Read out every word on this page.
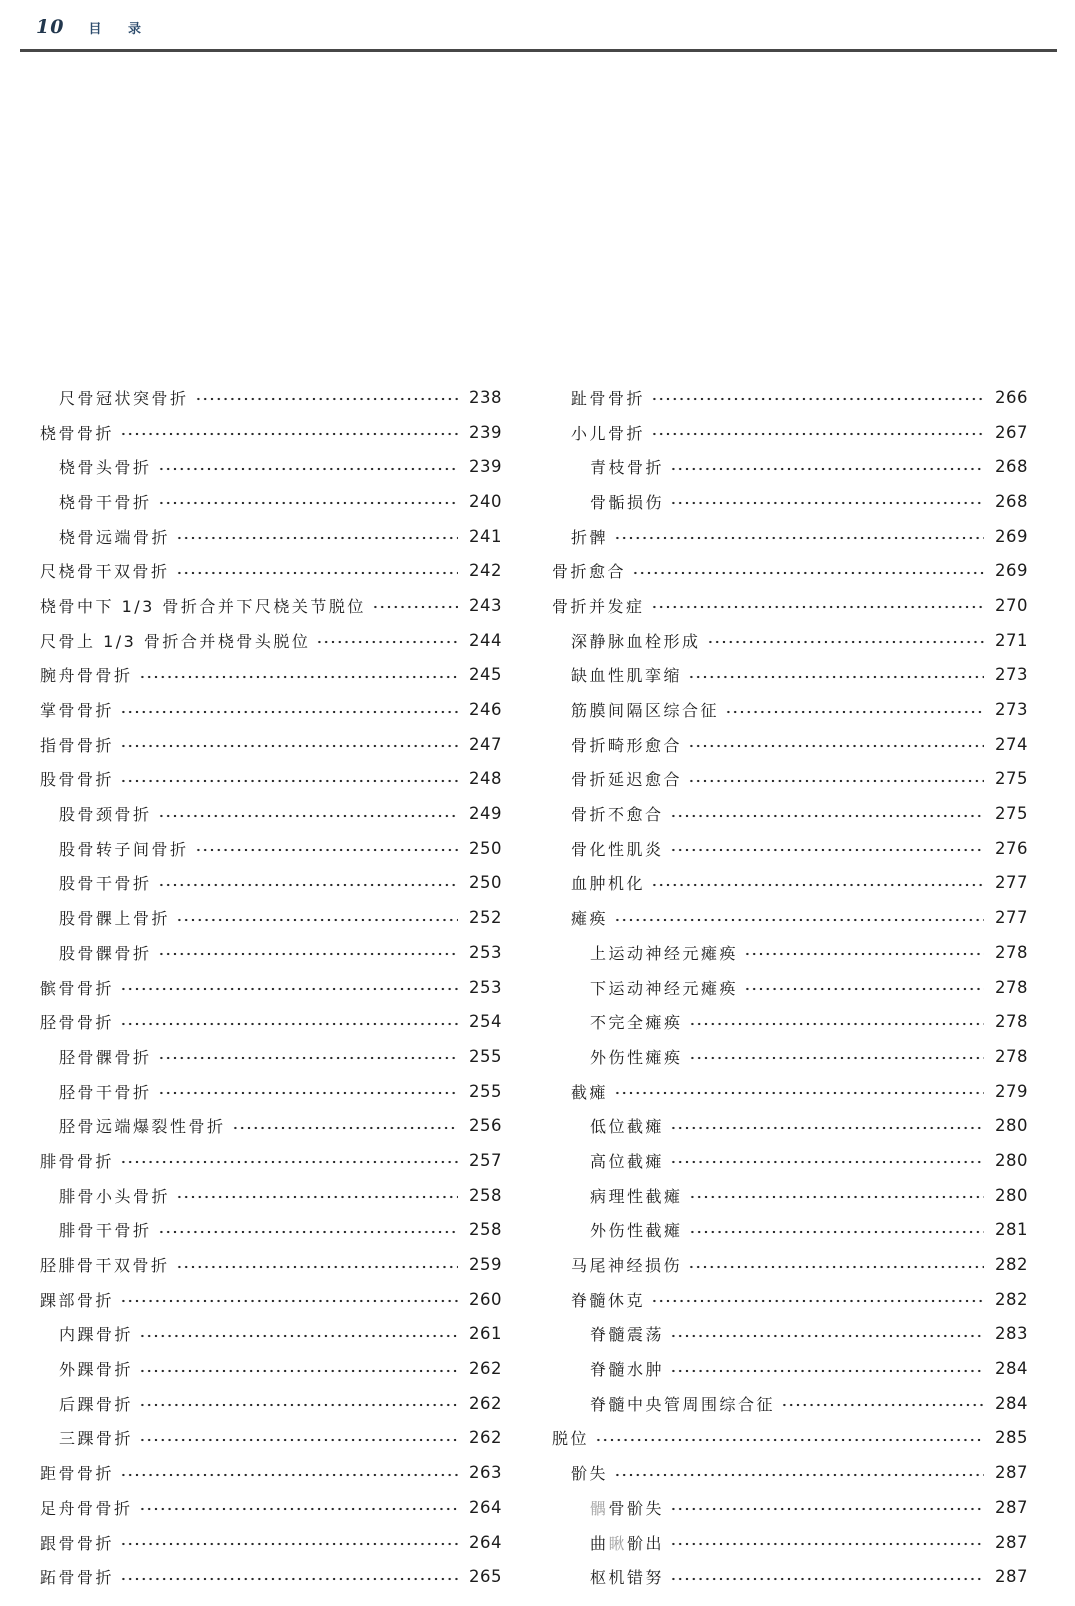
10 目 录
尺骨冠状突骨折	238
桡骨骨折	239
桡骨头骨折	239
桡骨干骨折	240
桡骨远端骨折	241
尺桡骨干双骨折	242
桡骨中下 1/3 骨折合并下尺桡关节脱位	243
尺骨上 1/3 骨折合并桡骨头脱位	244
腕舟骨骨折	245
掌骨骨折	246
指骨骨折	247
股骨骨折	248
股骨颈骨折	249
股骨转子间骨折	250
股骨干骨折	250
股骨髁上骨折	252
股骨髁骨折	253
髌骨骨折	253
胫骨骨折	254
胫骨髁骨折	255
胫骨干骨折	255
胫骨远端爆裂性骨折	256
腓骨骨折	257
腓骨小头骨折	258
腓骨干骨折	258
胫腓骨干双骨折	259
踝部骨折	260
内踝骨折	261
外踝骨折	262
后踝骨折	262
三踝骨折	262
距骨骨折	263
足舟骨骨折	264
跟骨骨折	264
跖骨骨折	265
趾骨骨折	266
小儿骨折	267
青枝骨折	268
骨骺损伤	268
折髀	269
骨折愈合	269
骨折并发症	270
深静脉血栓形成	271
缺血性肌挛缩	273
筋膜间隔区综合征	273
骨折畸形愈合	274
骨折延迟愈合	275
骨折不愈合	275
骨化性肌炎	276
血肿机化	277
瘫痪	277
上运动神经元瘫痪	278
下运动神经元瘫痪	278
不完全瘫痪	278
外伤性瘫痪	278
截瘫	279
低位截瘫	280
高位截瘫	280
病理性截瘫	280
外伤性截瘫	281
马尾神经损伤	282
脊髓休克	282
脊髓震荡	283
脊髓水肿	284
脊髓中央管周围综合征	284
脱位	285
骱失	287
髃骨骱失	287
曲瞅骱出	287
枢机错努	287
